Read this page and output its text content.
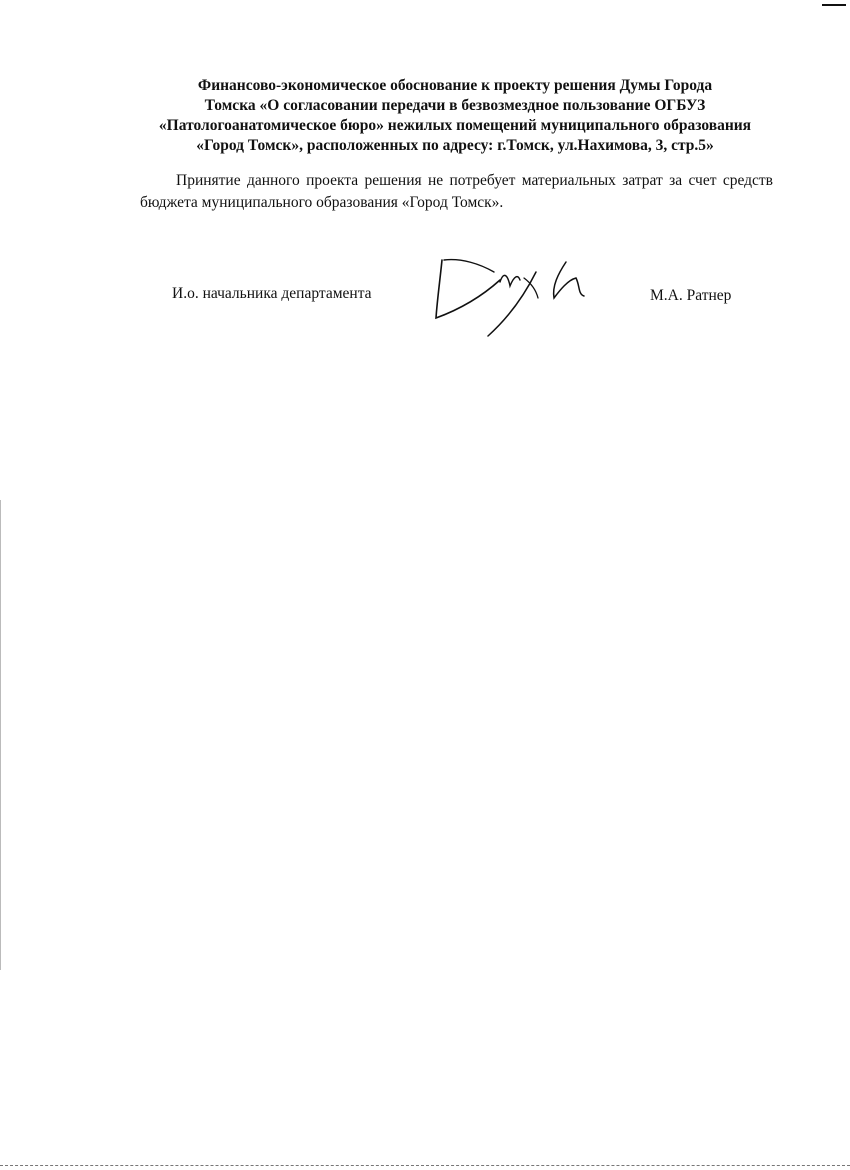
Финансово-экономическое обоснование к проекту решения Думы Города
Томска «О согласовании передачи в безвозмездное пользование ОГБУЗ
«Патологоанатомическое бюро» нежилых помещений муниципального образования
«Город Томск», расположенных по адресу: г.Томск, ул.Нахимова, 3, стр.5»

Принятие данного проекта решения не потребует материальных затрат за счет средств бюджета муниципального образования «Город Томск».

И.о. начальника департамента	М.А. Ратнер
